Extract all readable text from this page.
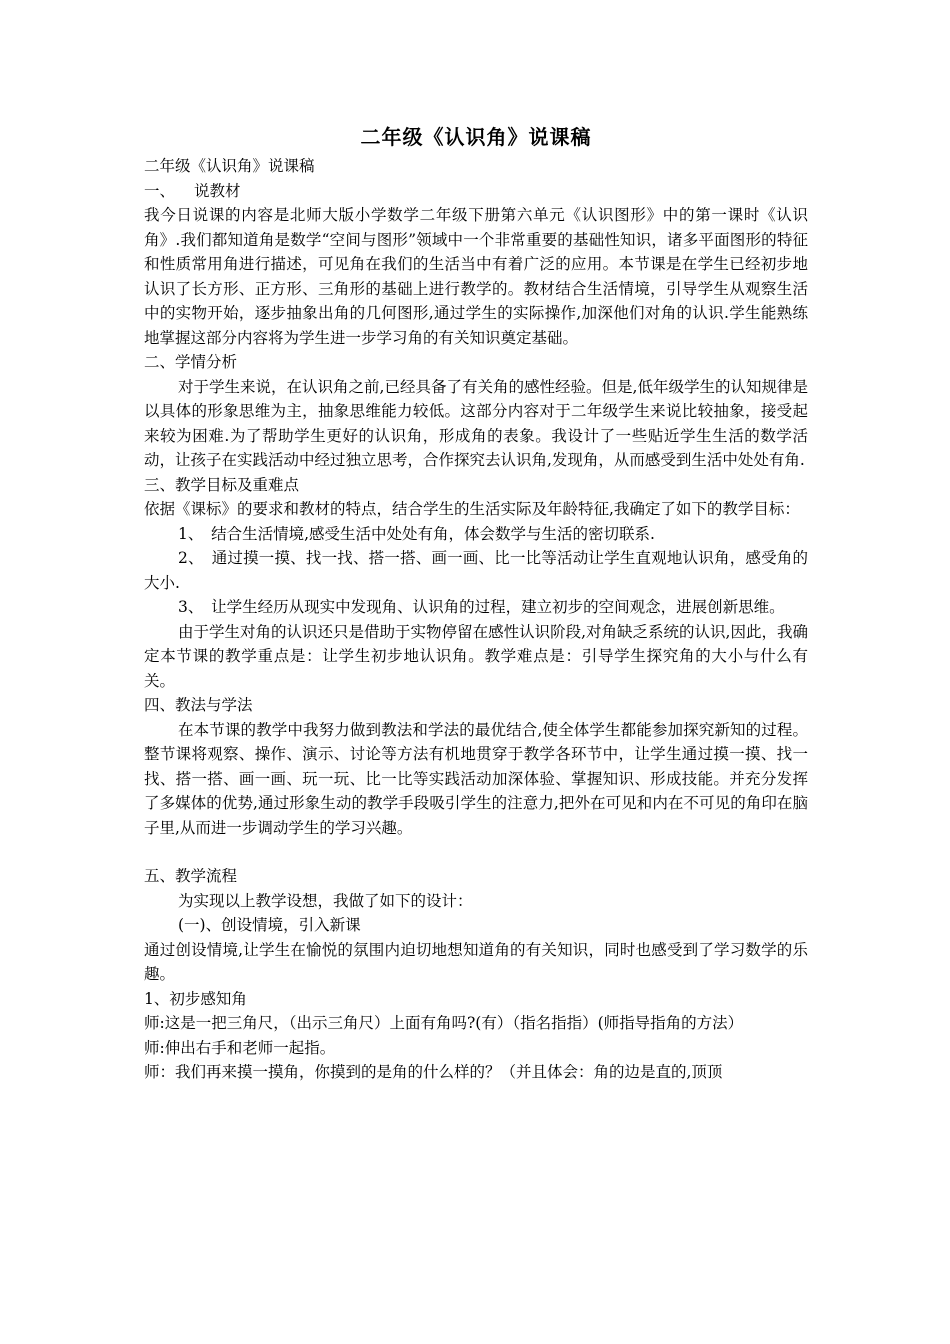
二年级《认识角》说课稿
二年级《认识角》说课稿
一、 说教材
我今日说课的内容是北师大版小学数学二年级下册第六单元《认识图形》中的第一课时《认识角》.我们都知道角是数学“空间与图形”领域中一个非常重要的基础性知识，诸多平面图形的特征和性质常用角进行描述，可见角在我们的生活当中有着广泛的应用。本节课是在学生已经初步地认识了长方形、正方形、三角形的基础上进行教学的。教材结合生活情境，引导学生从观察生活中的实物开始，逐步抽象出角的几何图形,通过学生的实际操作,加深他们对角的认识.学生能熟练地掌握这部分内容将为学生进一步学习角的有关知识奠定基础。
二、学情分析
对于学生来说，在认识角之前,已经具备了有关角的感性经验。但是,低年级学生的认知规律是以具体的形象思维为主，抽象思维能力较低。这部分内容对于二年级学生来说比较抽象，接受起来较为困难.为了帮助学生更好的认识角，形成角的表象。我设计了一些贴近学生生活的数学活动，让孩子在实践活动中经过独立思考，合作探究去认识角,发现角，从而感受到生活中处处有角.
三、教学目标及重难点
依据《课标》的要求和教材的特点，结合学生的生活实际及年龄特征,我确定了如下的教学目标：
1、　结合生活情境,感受生活中处处有角，体会数学与生活的密切联系.
2、　通过摸一摸、找一找、搭一搭、画一画、比一比等活动让学生直观地认识角，感受角的大小.
3、　让学生经历从现实中发现角、认识角的过程，建立初步的空间观念，进展创新思维。
由于学生对角的认识还只是借助于实物停留在感性认识阶段,对角缺乏系统的认识,因此，我确定本节课的教学重点是：让学生初步地认识角。教学难点是：引导学生探究角的大小与什么有关。
四、教法与学法
在本节课的教学中我努力做到教法和学法的最优结合,使全体学生都能参加探究新知的过程。整节课将观察、操作、演示、讨论等方法有机地贯穿于教学各环节中，让学生通过摸一摸、找一找、搭一搭、画一画、玩一玩、比一比等实践活动加深体验、掌握知识、形成技能。并充分发挥了多媒体的优势,通过形象生动的教学手段吸引学生的注意力,把外在可见和内在不可见的角印在脑子里,从而进一步调动学生的学习兴趣。
五、教学流程
为实现以上教学设想，我做了如下的设计：
(一)、创设情境，引入新课
通过创设情境,让学生在愉悦的氛围内迫切地想知道角的有关知识，同时也感受到了学习数学的乐趣。
1、初步感知角
师:这是一把三角尺，（出示三角尺）上面有角吗?(有）（指名指指）(师指导指角的方法）
师:伸出右手和老师一起指。
师：我们再来摸一摸角，你摸到的是角的什么样的？（并且体会：角的边是直的,顶顶
